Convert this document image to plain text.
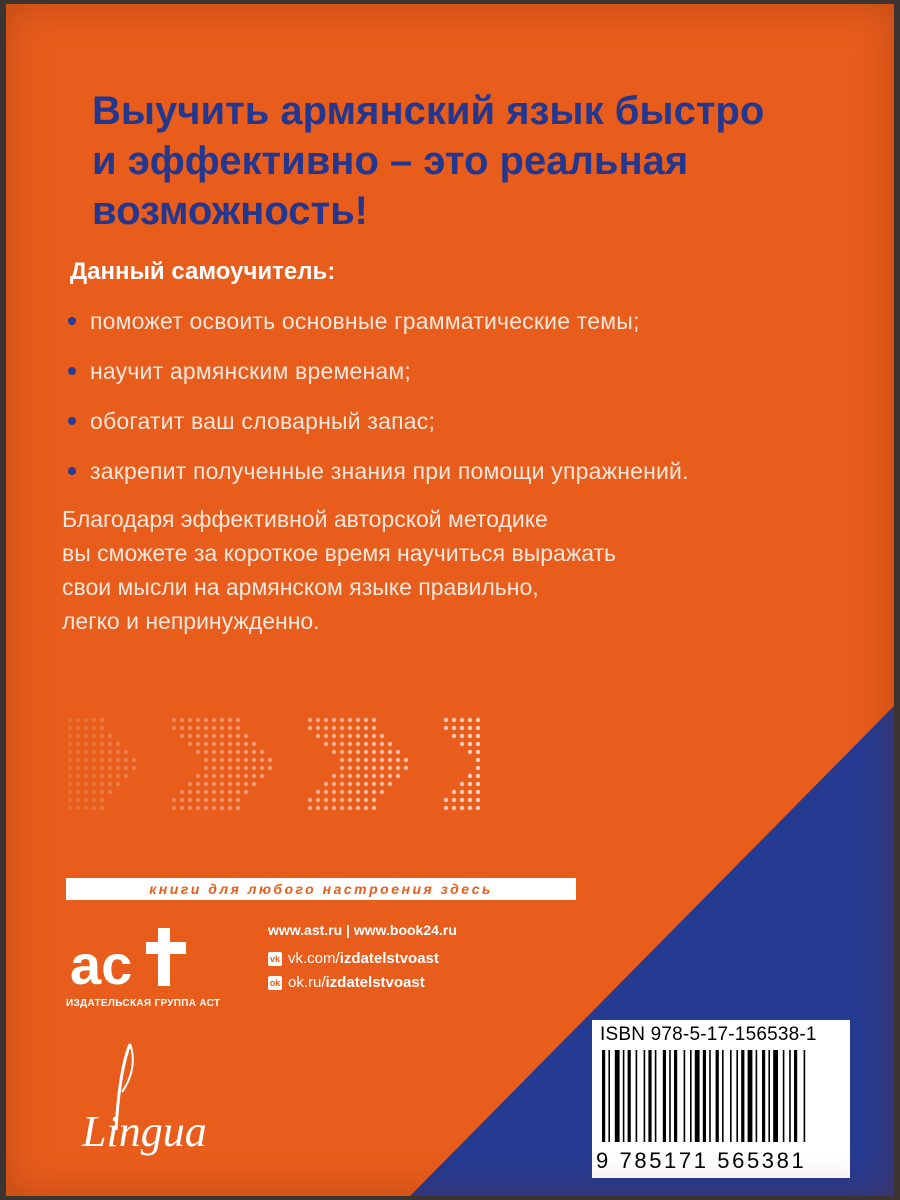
Выучить армянский язык быстро
и эффективно – это реальная
возможность!

Данный самоучитель:

поможет освоить основные грамматические темы;
научит армянским временам;
обогатит ваш словарный запас;
закрепит полученные знания при помощи упражнений.
Благодаря эффективной авторской методике
вы сможете за короткое время научиться выражать
свои мысли на армянском языке правильно,
легко и непринужденно.
книги для любого настроения здесь
ас
ИЗДАТЕЛЬСКАЯ ГРУППА АСТ
www.ast.ru | www.book24.ru
vk vk.com/ izdatelstvoast
ok ok.ru/ izdatelstvoast
Lingua
ISBN 978-5-17-156538-1
9 785171 565381
